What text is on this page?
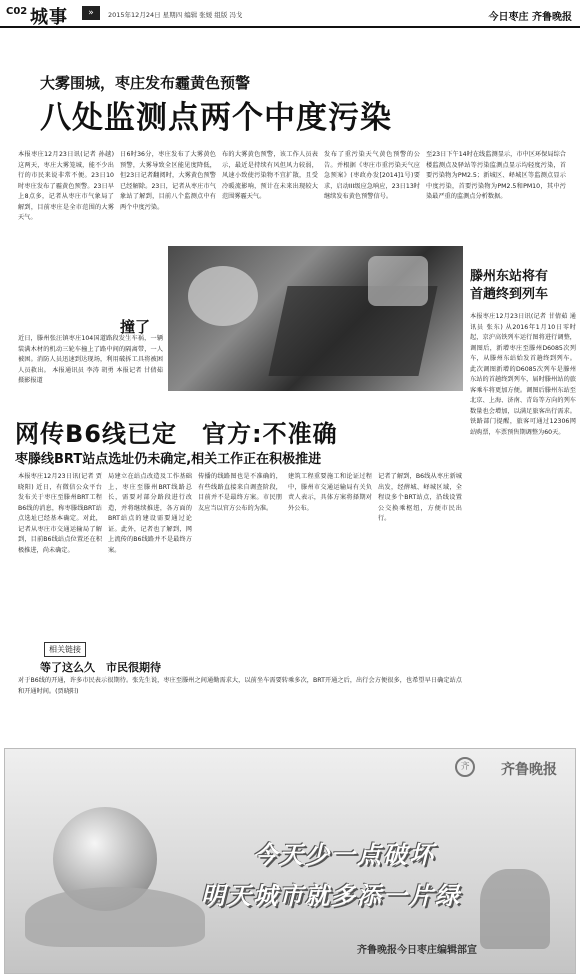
C02 城事	»	2015年12月24日 星期四 编辑 张媛 组版 冯戈	今日枣庄 齐鲁晚报
大雾围城，枣庄发布霾黄色预警
八处监测点两个中度污染
本报枣庄12月23日讯(记者 孙越) 这两天，枣庄大雾笼城，能不少出行的市民来说非常不便。23日10时枣庄发布了霾黄色预警。23日早上8点多，记者从枣庄市气象局了解到，目前枣庄是全市范围的大雾天气。
日6时36分，枣庄发布了大雾黄色预警，大雾导致全区能见度降低，但23日记者翻阅时，大雾黄色预警已经解除。23日，记者从枣庄市气象站了解到，目前八个监测点中有两个中度污染。
布的大雾黄色预警，该工作人员表示，最近是持续有风但风力较弱，风速小致使污染物不宜扩散，且受冷暖流影响，预计在未来出现较大范围雾霾天气。
发布了重污染天气黄色预警的公告。并根据《枣庄市重污染天气应急预案》(枣政办发[2014]1号)要求，启动III级应急响应，23日13时继续发布黄色预警信号。
至23日下午14时在线监测显示，市中区环保局综合楼监测点及驿站等污染监测点显示均轻度污染，首要污染物为PM2.5；新城区、峄城区等监测点显示中度污染，首要污染物为PM2.5和PM10，其中污染最严重的监测点分析数据。
撞了
近日，滕州张汪镇枣庄104国道路段发生车祸，一辆装满木材的机动三轮车撞上了路中间的隔离带，一人被困。消防人员迅速到达现场，利用破拆工具将被困人员救出。 本报通讯员 李涛 胡勇 本报记者 甘倩茹 摄影报道
滕州东站将有
首趟终到列车
本报枣庄12月23日讯(记者 甘倩茹 通讯员 张东) 从2016年1月10日零时起，京沪高铁列车运行图将进行调整，调图后，新增枣庄至滕州D6085次列车，从滕州东站始发首趟终到列车。 此次调图新增的D6085次列车是滕州东站的首趟终到列车，届时滕州站的旅客乘车将更加方便。调图后滕州东站至北京、上海、济南、青岛等方向的列车数量也会增加，以满足旅客出行需求。铁路部门提醒，旅客可通过12306网站购票，车票预售期调整为60天。
网传B6线已定　官方:不准确
枣滕线BRT站点选址仍未确定,相关工作正在积极推进
本报枣庄12月23日讯(记者 贾晓阳) 近日，有微信公众平台发布关于枣庄至滕州BRT工程B6线的消息，称枣滕线BRT站点选址已经基本确定。对此，记者从枣庄市交通运输局了解到，目前B6线站点位置还在积极推进，尚未确定。
局建立在站点改造及工作基础上，枣庄至滕州BRT线路总长，需要对部分路段进行改造，并将继续推进，各方面的BRT站点的建设需要通过论证。此外，记者也了解到，网上流传的B6线路并不是最终方案。
传播的线路图也是不准确的，有些线路直接来自调查阶段，目前并不是最终方案。市民朋友应当以官方公布的为准。
建筑工程重要施工和论证过程中，滕州市交通运输局有关负责人表示，具体方案将择期对外公布。
记者了解到，B6线从枣庄新城出发，经薛城、峄城区域，全程设多个BRT站点，沿线设置公交换乘枢纽，方便市民出行。
相关链接
等了这么久　市民很期待
对于B6线的开通，许多市民表示很期待。张先生说，枣庄至滕州之间通勤需求大，以前坐车需要转乘多次，BRT开通之后，出行会方便很多，也希望早日确定站点和开通时间。(贾晓阳)
齐	齐鲁晚报
今天少一点破坏
明天城市就多添一片绿
齐鲁晚报今日枣庄编辑部宣
